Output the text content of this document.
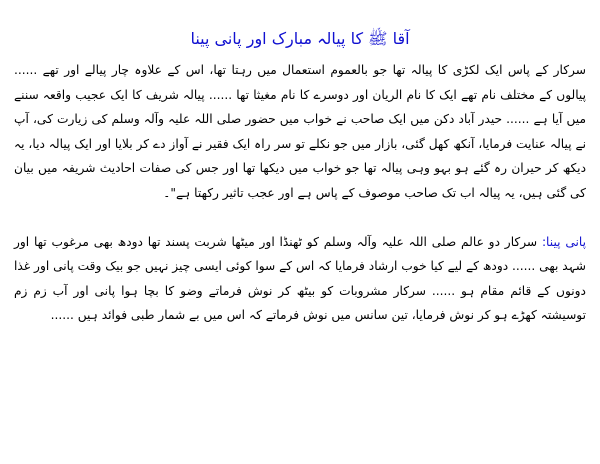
آقا ﷺ کا پیالہ مبارک اور پانی پینا

سرکار کے پاس ایک لکڑی کا پیالہ تھا جو بالعموم استعمال میں رہتا تھا، اس کے علاوہ چار پیالے اور تھے ...... پیالوں کے مختلف نام تھے ایک کا نام الریان اور دوسرے کا نام مغیثا تھا ...... پیالہ شریف کا ایک عجیب واقعہ سننے میں آیا ہے ...... حیدر آباد دکن میں ایک صاحب نے خواب میں حضور صلی اللہ علیہ وآلہ وسلم کی زیارت کی، آپ نے پیالہ عنایت فرمایا، آنکھ کھل گئی، بازار میں جو نکلے تو سر راہ ایک فقیر نے آواز دے کر بلایا اور ایک پیالہ دیا، یہ دیکھ کر حیران رہ گئے ہو بہو وہی پیالہ تھا جو خواب میں دیکھا تھا اور جس کی صفات احادیث شریفہ میں بیان کی گئی ہیں، یہ پیالہ اب تک صاحب موصوف کے پاس ہے اور عجب تاثیر رکھتا ہے"۔

پانی پینا: سرکار دو عالم صلی اللہ علیہ وآلہ وسلم کو ٹھنڈا اور میٹھا شربت پسند تھا دودھ بھی مرغوب تھا اور شہد بھی ...... دودھ کے لیے کیا خوب ارشاد فرمایا کہ اس کے سوا کوئی ایسی چیز نہیں جو بیک وقت پانی اور غذا دونوں کے قائم مقام ہو ...... سرکار مشروبات کو بیٹھ کر نوش فرماتے وضو کا بچا ہوا پانی اور آب زم زم توسیشتہ کھڑے ہو کر نوش فرمایا، تین سانس میں نوش فرماتے کہ اس میں بے شمار طبی فوائد ہیں ......
